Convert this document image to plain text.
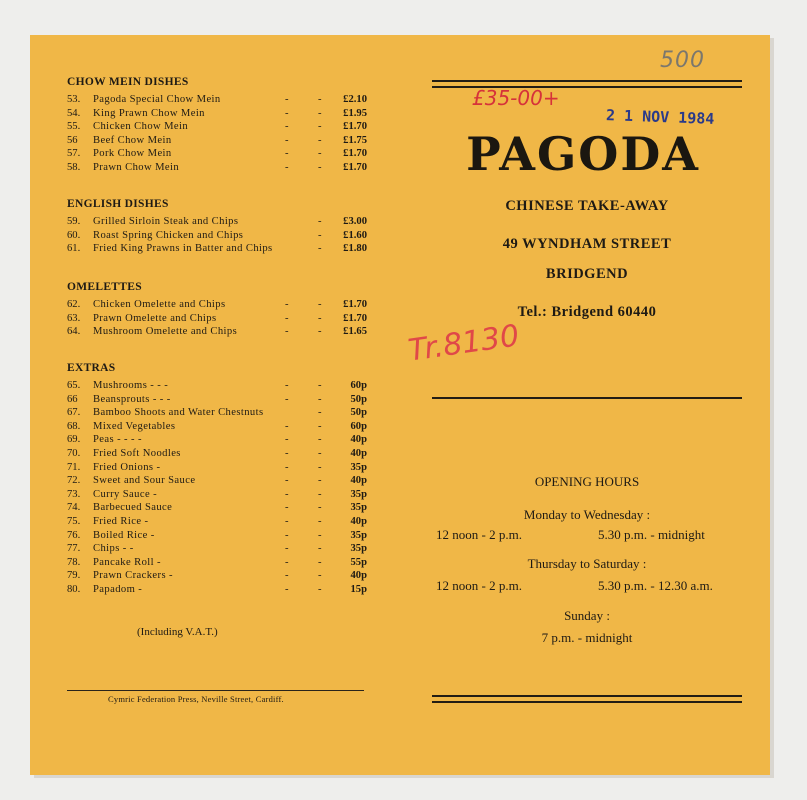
CHOW MEIN DISHES
53. Pagoda Special Chow Mein	-	- £2.10
54. King Prawn Chow Mein	-	- £1.95
55. Chicken Chow Mein	-	- £1.70
56 Beef Chow Mein	-	- £1.75
57. Pork Chow Mein	-	- £1.70
58. Prawn Chow Mein	-	- £1.70
ENGLISH DISHES
59. Grilled Sirloin Steak and Chips	- £3.00
60. Roast Spring Chicken and Chips	- £1.60
61. Fried King Prawns in Batter and Chips	- £1.80
OMELETTES
62. Chicken Omelette and Chips	-	- £1.70
63. Prawn Omelette and Chips	-	- £1.70
64. Mushroom Omelette and Chips	-	- £1.65
EXTRAS
65. Mushrooms - - -	-	-	60p
66 Beansprouts - - -	-	-	50p
67. Bamboo Shoots and Water Chestnuts	-	50p
68. Mixed Vegetables	-	-	60p
69. Peas - - - -	-	-	40p
70. Fried Soft Noodles	-	-	40p
71. Fried Onions -	-	-	35p
72. Sweet and Sour Sauce	-	-	40p
73. Curry Sauce -	-	-	35p
74. Barbecued Sauce	-	-	35p
75. Fried Rice -	-	-	40p
76. Boiled Rice -	-	-	35p
77. Chips - -	-	-	35p
78. Pancake Roll -	-	-	55p
79. Prawn Crackers -	-	-	40p
80. Papadom -	-	-	15p
(Including V.A.T.)
Cymric Federation Press, Neville Street, Cardiff.
500
£35-00+
2 1 NOV 1984
PAGODA
CHINESE TAKE-AWAY
49 WYNDHAM STREET
BRIDGEND
Tel.: Bridgend 60440
Tr.8130
OPENING HOURS
Monday to Wednesday :
12 noon - 2 p.m.	5.30 p.m. - midnight
Thursday to Saturday :
12 noon - 2 p.m.	5.30 p.m. - 12.30 a.m.
Sunday :
7 p.m. - midnight
